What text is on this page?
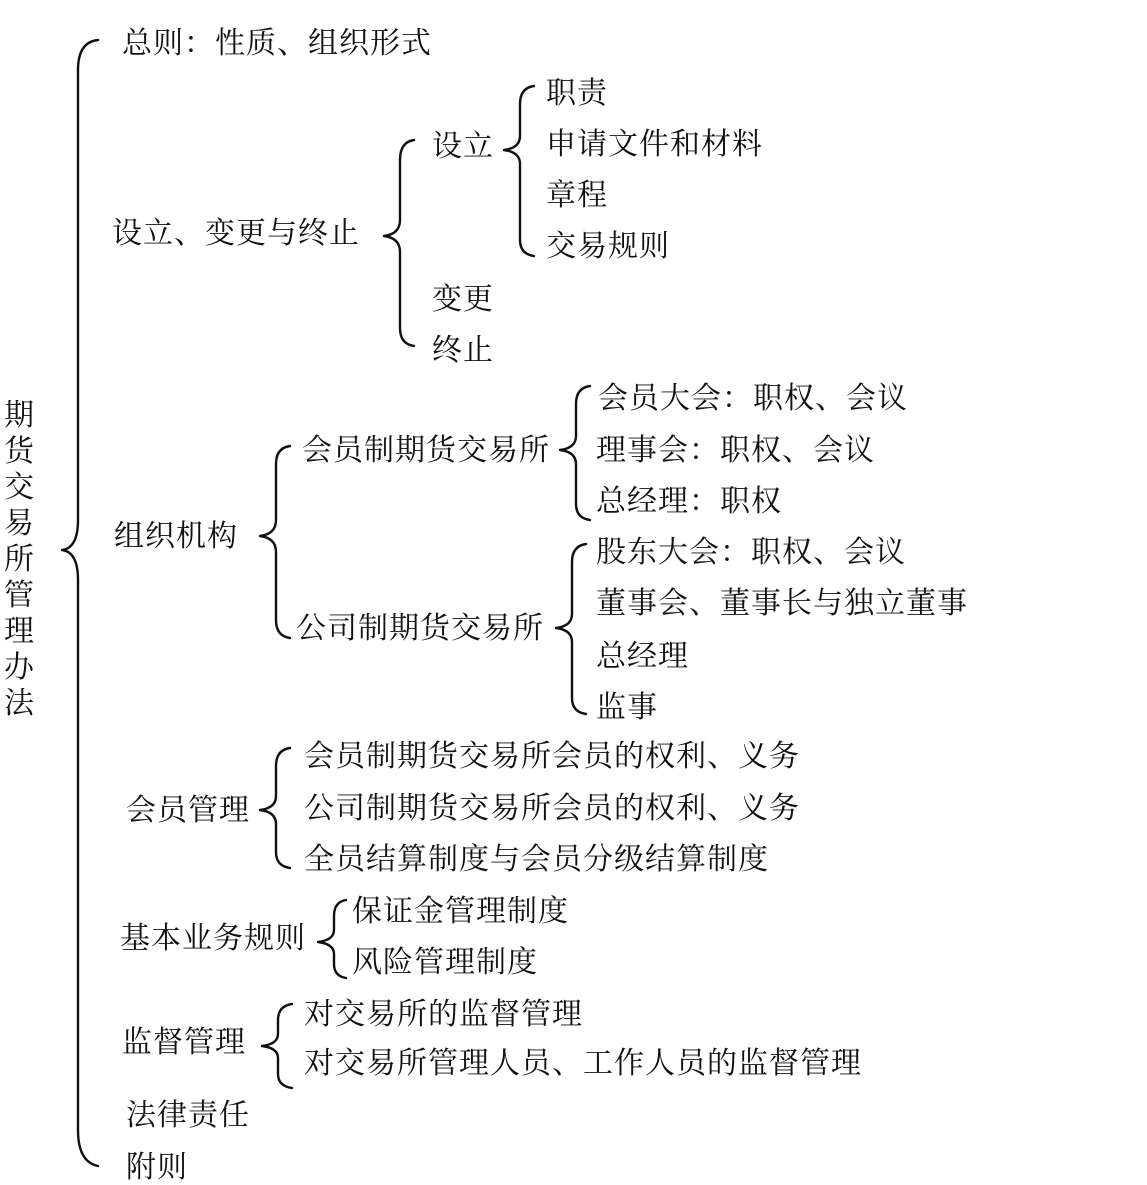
期货交易所管理办法
总则：性质、组织形式
设立、变更与终止
设立
职责
申请文件和材料
章程
交易规则
变更
终止
组织机构
会员制期货交易所
会员大会：职权、会议
理事会：职权、会议
总经理：职权
公司制期货交易所
股东大会：职权、会议
董事会、董事长与独立董事
总经理
监事
会员管理
会员制期货交易所会员的权利、义务
公司制期货交易所会员的权利、义务
全员结算制度与会员分级结算制度
基本业务规则
保证金管理制度
风险管理制度
监督管理
对交易所的监督管理
对交易所管理人员、工作人员的监督管理
法律责任
附则
